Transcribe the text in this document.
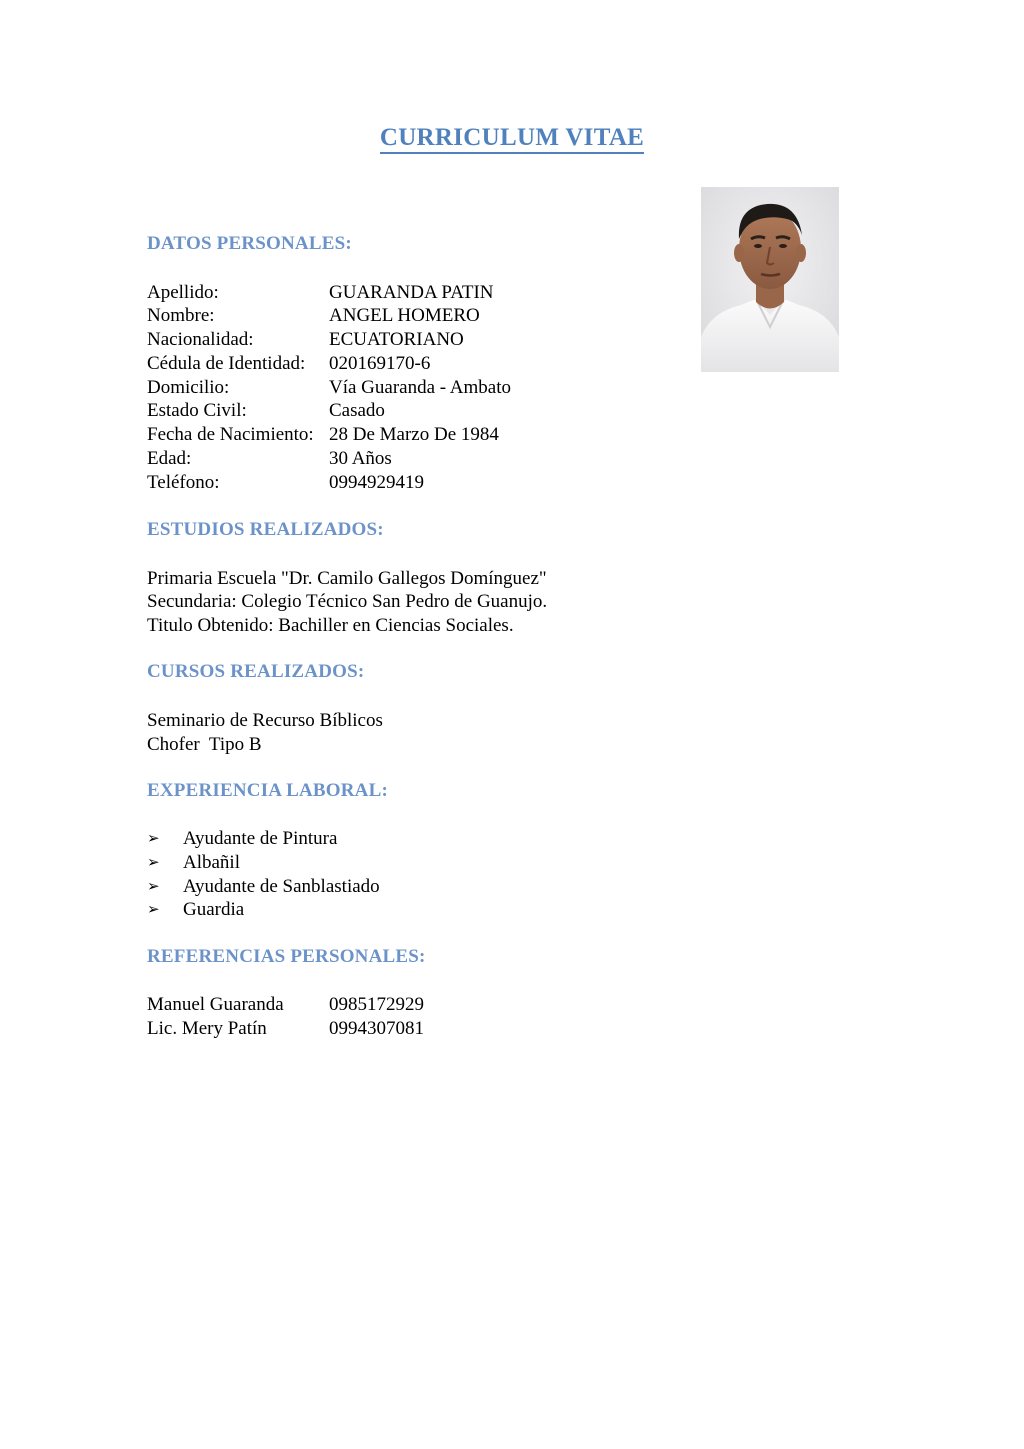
CURRICULUM VITAE
DATOS PERSONALES:
Apellido:	GUARANDA PATIN
Nombre:	ANGEL HOMERO
Nacionalidad:	ECUATORIANO
Cédula de Identidad: 020169170-6
Domicilio:	Vía Guaranda - Ambato
Estado Civil:	Casado
Fecha de Nacimiento: 28 De Marzo De 1984
Edad:	30 Años
Teléfono:	0994929419
ESTUDIOS REALIZADOS:
Primaria Escuela "Dr. Camilo Gallegos Domínguez"
Secundaria: Colegio Técnico San Pedro de Guanujo.
Titulo Obtenido: Bachiller en Ciencias Sociales.
CURSOS REALIZADOS:
Seminario de Recurso Bíblicos
Chofer  Tipo B
EXPERIENCIA LABORAL:
➢ Ayudante de Pintura
➢ Albañil
➢ Ayudante de Sanblastiado
➢ Guardia
REFERENCIAS PERSONALES:
Manuel Guaranda 0985172929
Lic. Mery Patín	0994307081
